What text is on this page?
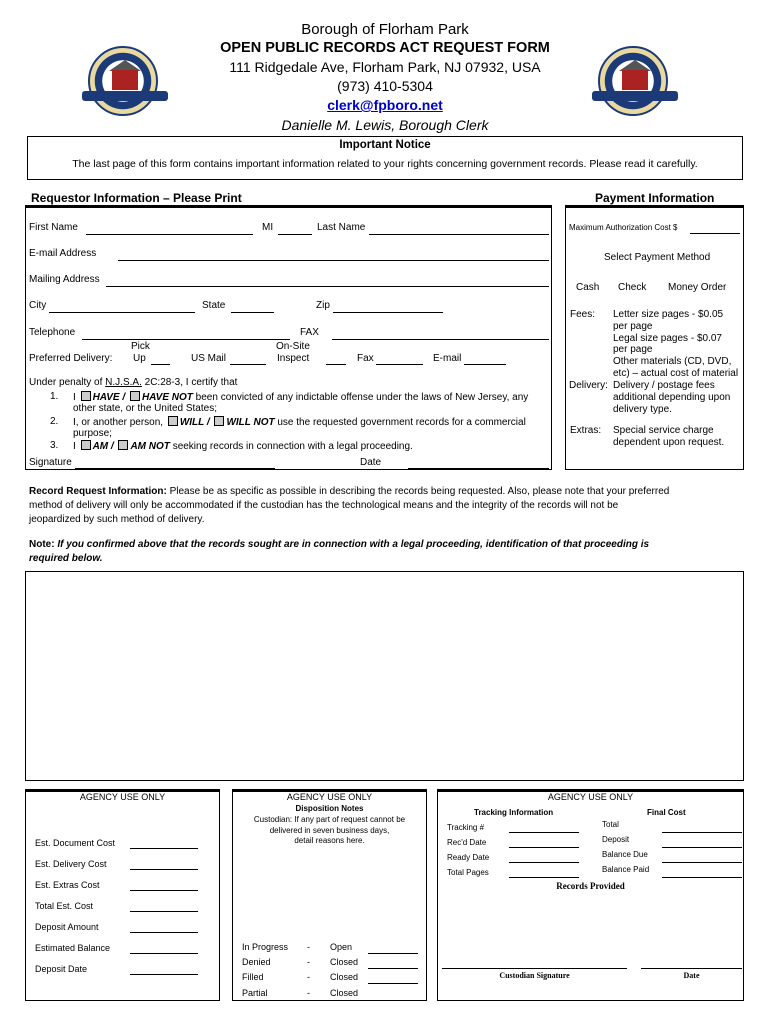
Borough of Florham Park
OPEN PUBLIC RECORDS ACT REQUEST FORM
111 Ridgedale Ave, Florham Park, NJ 07932, USA
(973) 410-5304
clerk@fpboro.net
Danielle M. Lewis, Borough Clerk
Important Notice
The last page of this form contains important information related to your rights concerning government records. Please read it carefully.
Requestor Information – Please Print	Payment Information
First Name	MI	Last Name
E-mail Address
Mailing Address
City	State	Zip
Telephone	FAX
Preferred Delivery:
Pick
Up	US Mail
On-Site
Inspect	Fax	E-mail
Under penalty of N.J.S.A. 2C:28-3, I certify that
1. I HAVE / HAVE NOT been convicted of any indictable offense under the laws of New Jersey, any
other state, or the United States;
2. I, or another person, WILL / WILL NOT use the requested government records for a commercial
purpose;
3. I AM / AM NOT seeking records in connection with a legal proceeding.
Signature	Date
Maximum Authorization Cost $
Select Payment Method
Cash Check Money Order
Fees: Letter size pages - $0.05
per page
Legal size pages - $0.07
per page
Other materials (CD, DVD,
etc) – actual cost of material
Delivery: Delivery / postage fees
additional depending upon
delivery type.
Extras: Special service charge
dependent upon request.
Record Request Information: Please be as specific as possible in describing the records being requested. Also, please note that your preferred
method of delivery will only be accommodated if the custodian has the technological means and the integrity of the records will not be
jeopardized by such method of delivery.
Note: If you confirmed above that the records sought are in connection with a legal proceeding, identification of that proceeding is
required below.
AGENCY USE ONLY
Est. Document Cost
Est. Delivery Cost
Est. Extras Cost
Total Est. Cost
Deposit Amount
Estimated Balance
Deposit Date
AGENCY USE ONLY
Disposition Notes
Custodian: If any part of request cannot be
delivered in seven business days,
detail reasons here.
In Progress - Open
Denied	- Closed
Filled	- Closed
Partial	- Closed
AGENCY USE ONLY
Tracking Information	Final Cost
Tracking #
Rec'd Date
Ready Date
Total Pages
Total
Deposit
Balance Due
Balance Paid
Records Provided
Custodian Signature	Date
